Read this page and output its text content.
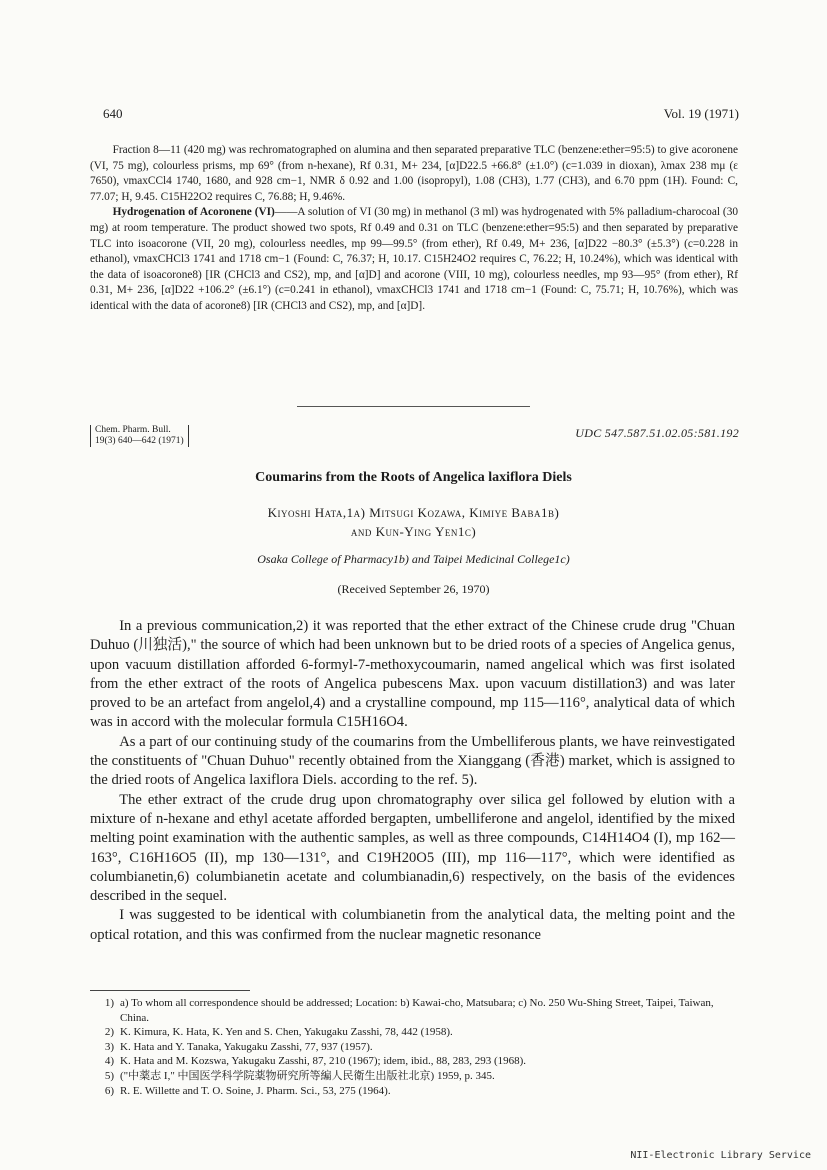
640	Vol. 19 (1971)

Fraction 8—11 (420 mg) was rechromatographed on alumina and then separated preparative TLC (benzene:ether=95:5) to give acoronene (VI, 75 mg), colourless prisms, mp 69° (from n-hexane), Rf 0.31, M+ 234, [α]D22.5 +66.8° (±1.0°) (c=1.039 in dioxan), λmax 238 mμ (ε 7650), νmaxCCl4 1740, 1680, and 928 cm−1, NMR δ 0.92 and 1.00 (isopropyl), 1.08 (CH3), 1.77 (CH3), and 6.70 ppm (1H). Found: C, 77.07; H, 9.45. C15H22O2 requires C, 76.88; H, 9.46%.

Hydrogenation of Acoronene (VI)——A solution of VI (30 mg) in methanol (3 ml) was hydrogenated with 5% palladium-charocoal (30 mg) at room temperature. The product showed two spots, Rf 0.49 and 0.31 on TLC (benzene:ether=95:5) and then separated by preparative TLC into isoacorone (VII, 20 mg), colourless needles, mp 99—99.5° (from ether), Rf 0.49, M+ 236, [α]D22 −80.3° (±5.3°) (c=0.228 in ethanol), νmaxCHCl3 1741 and 1718 cm−1 (Found: C, 76.37; H, 10.17. C15H24O2 requires C, 76.22; H, 10.24%), which was identical with the data of isoacorone8) [IR (CHCl3 and CS2), mp, and [α]D] and acorone (VIII, 10 mg), colourless needles, mp 93—95° (from ether), Rf 0.31, M+ 236, [α]D22 +106.2° (±6.1°) (c=0.241 in ethanol), νmaxCHCl3 1741 and 1718 cm−1 (Found: C, 75.71; H, 10.76%), which was identical with the data of acorone8) [IR (CHCl3 and CS2), mp, and [α]D].

Chem. Pharm. Bull.
19(3) 640—642 (1971)
UDC 547.587.51.02.05:581.192
Coumarins from the Roots of Angelica laxiflora Diels
Kiyoshi Hata,1a) Mitsugi Kozawa, Kimiye Baba1b)
and Kun-Ying Yen1c)
Osaka College of Pharmacy1b) and Taipei Medicinal College1c)
(Received September 26, 1970)

In a previous communication,2) it was reported that the ether extract of the Chinese crude drug "Chuan Duhuo (川独活)," the source of which had been unknown but to be dried roots of a species of Angelica genus, upon vacuum distillation afforded 6-formyl-7-methoxycoumarin, named angelical which was first isolated from the ether extract of the roots of Angelica pubescens Max. upon vacuum distillation3) and was later proved to be an artefact from angelol,4) and a crystalline compound, mp 115—116°, analytical data of which was in accord with the molecular formula C15H16O4.

As a part of our continuing study of the coumarins from the Umbelliferous plants, we have reinvestigated the constituents of "Chuan Duhuo" recently obtained from the Xianggang (香港) market, which is assigned to the dried roots of Angelica laxiflora Diels. according to the ref. 5).

The ether extract of the crude drug upon chromatography over silica gel followed by elution with a mixture of n-hexane and ethyl acetate afforded bergapten, umbelliferone and angelol, identified by the mixed melting point examination with the authentic samples, as well as three compounds, C14H14O4 (I), mp 162—163°, C16H16O5 (II), mp 130—131°, and C19H20O5 (III), mp 116—117°, which were identified as columbianetin,6) columbianetin acetate and columbianadin,6) respectively, on the basis of the evidences described in the sequel.

I was suggested to be identical with columbianetin from the analytical data, the melting point and the optical rotation, and this was confirmed from the nuclear magnetic resonance

1) a) To whom all correspondence should be addressed; Location: b) Kawai-cho, Matsubara; c) No. 250 Wu-Shing Street, Taipei, Taiwan, China.
2) K. Kimura, K. Hata, K. Yen and S. Chen, Yakugaku Zasshi, 78, 442 (1958).
3) K. Hata and Y. Tanaka, Yakugaku Zasshi, 77, 937 (1957).
4) K. Hata and M. Kozswa, Yakugaku Zasshi, 87, 210 (1967); idem, ibid., 88, 283, 293 (1968).
5) ("中薬志 I," 中国医学科学院薬物研究所等編人民衛生出版社北京) 1959, p. 345.
6) R. E. Willette and T. O. Soine, J. Pharm. Sci., 53, 275 (1964).
NII-Electronic Library Service
